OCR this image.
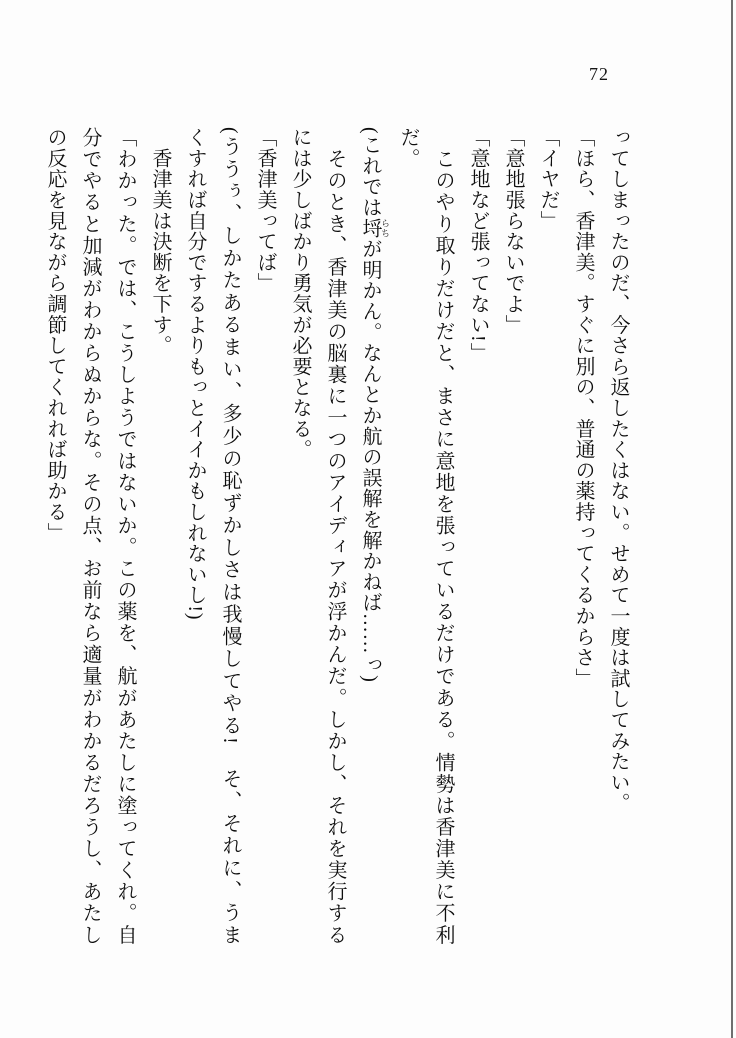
72
ってしまったのだ、今さら返したくはない。せめて一度は試してみたい。
「ほら、香津美。すぐに別の、普通の薬持ってくるからさ」
「イヤだ」
「意地張らないでよ」
「意地など張ってない!」
　このやり取りだけだと、まさに意地を張っているだけである。情勢は香津美に不利
だ。
(これでは埒 らちが明かん。なんとか航の誤解を解かねば……っ)
　そのとき、香津美の脳裏に一つのアイディアが浮かんだ。しかし、それを実行する
には少しばかり勇気が必要となる。
「香津美ってば」
(ううぅ、しかたあるまい、多少の恥ずかしさは我慢してやる!　そ、それに、うま
くすれば自分でするよりもっとイイかもしれないし!)
　香津美は決断を下す。
「わかった。では、こうしようではないか。この薬を、航があたしに塗ってくれ。自
分でやると加減がわからぬからな。その点、お前なら適量がわかるだろうし、あたし
の反応を見ながら調節してくれれば助かる」
